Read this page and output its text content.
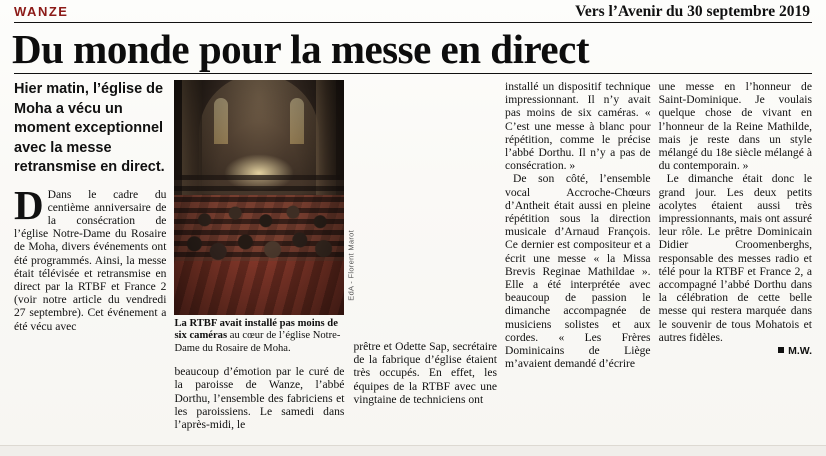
WANZE	Vers l’Avenir du 30 septembre 2019
Du monde pour la messe en direct

Hier matin, l’église de Moha a vécu un moment exceptionnel avec la messe retransmise en direct.

D Dans le cadre du centième anniversaire de la consécration de l’église Notre-Dame du Rosaire de Moha, divers événements ont été programmés. Ainsi, la messe était télévisée et retransmise en direct par la RTBF et France 2 (voir notre article du vendredi 27 septembre). Cet événement a été vécu avec

EdA - Florent Marot
La RTBF avait installé pas moins de six caméras au cœur de l’église Notre-Dame du Rosaire de Moha.

beaucoup d’émotion par le curé de la paroisse de Wanze, l’abbé Dorthu, l’ensemble des fabriciens et les paroissiens. Le samedi dans l’après-midi, le

prêtre et Odette Sap, secrétaire de la fabrique d’église étaient très occupés. En effet, les équipes de la RTBF avec une vingtaine de techniciens ont

installé un dispositif technique impressionnant. Il n’y avait pas moins de six caméras. « C’est une messe à blanc pour répétition, comme le précise l’abbé Dorthu. Il n’y a pas de consécration. »

De son côté, l’ensemble vocal Accroche-Chœurs d’Antheit était aussi en pleine répétition sous la direction musicale d’Arnaud François. Ce dernier est compositeur et a écrit une messe « la Missa Brevis Reginae Mathildae ». Elle a été interprétée avec beaucoup de passion le dimanche accompagnée de musiciens solistes et aux cordes. « Les Frères Dominicains de Liège m’avaient demandé d’écrire

une messe en l’honneur de Saint-Dominique. Je voulais quelque chose de vivant en l’honneur de la Reine Mathilde, mais je reste dans un style mélangé du 18e siècle mélangé à du contemporain. »

Le dimanche était donc le grand jour. Les deux petits acolytes étaient aussi très impressionnants, mais ont assuré leur rôle. Le prêtre Dominicain Didier Croomenberghs, responsable des messes radio et télé pour la RTBF et France 2, a accompagné l’abbé Dorthu dans la célébration de cette belle messe qui restera marquée dans le souvenir de tous Mohatois et autres fidèles.

M.W.
